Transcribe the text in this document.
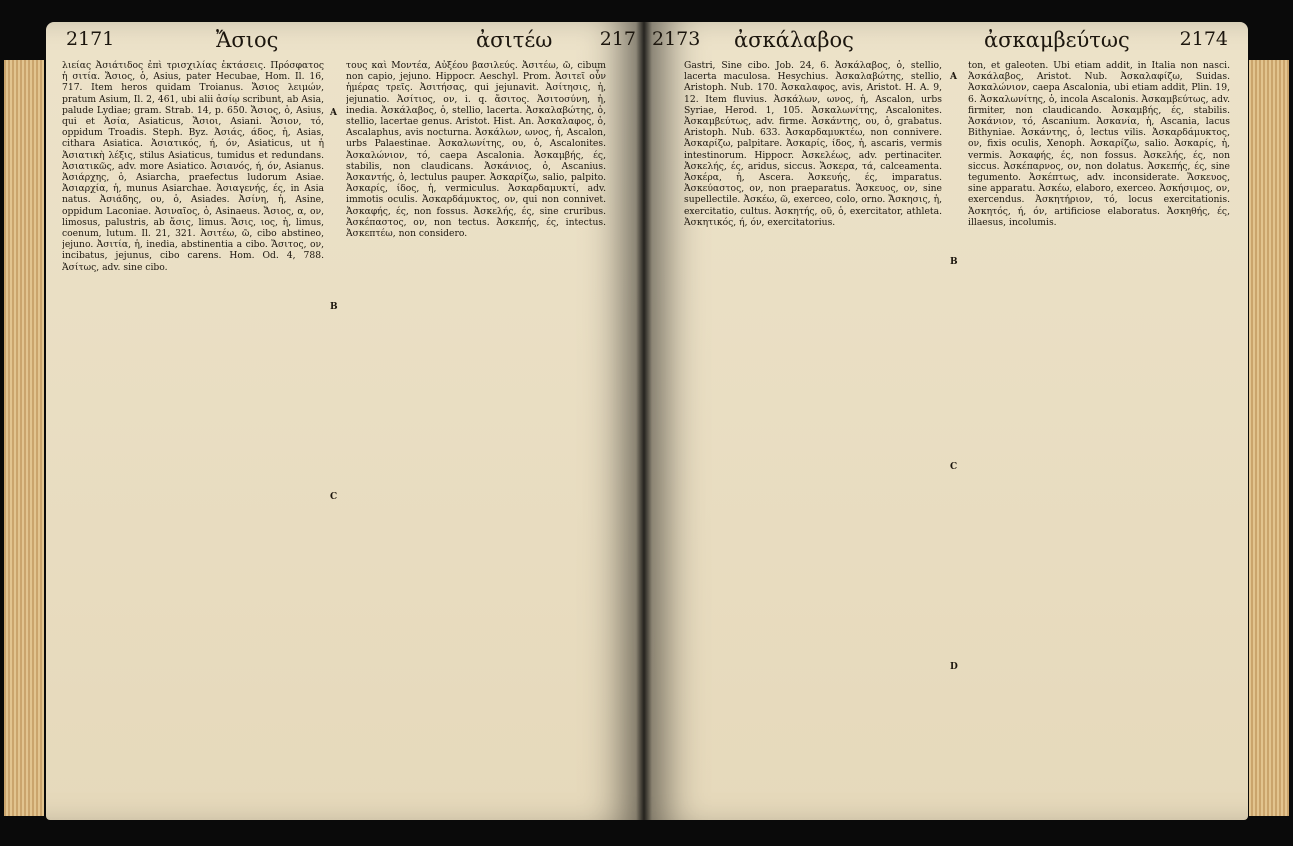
2171	Ἄσιος	ἀσιτέω 217

λιείας Ἀσιάτιδος ἐπὶ τρισχιλίας ἐκτάσεις. Πρόσφατος ἡ σιτία. Ἄσιος, ὁ, Asius, pater Hecubae, Hom. Il. 16, 717. Item heros quidam Troianus. Ἄσιος λειμών, pratum Asium, Il. 2, 461, ubi alii ἀσίῳ scribunt, ab Asia, palude Lydiae; gram. Strab. 14, p. 650. Ἄσιος, ὁ, Asius, qui et Ἀσία, Asiaticus, Ἄσιοι, Asiani. Ἄσιον, τό, oppidum Troadis. Steph. Byz. Ἀσιάς, άδος, ἡ, Asias, cithara Asiatica. Ἀσιατικός, ή, όν, Asiaticus, ut ἡ Ἀσιατικὴ λέξις, stilus Asiaticus, tumidus et redundans. Ἀσιατικῶς, adv. more Asiatico. Ἀσιανός, ή, όν, Asianus. Ἀσιάρχης, ὁ, Asiarcha, praefectus ludorum Asiae. Ἀσιαρχία, ἡ, munus Asiarchae. Ἀσιαγενής, ές, in Asia natus. Ἀσιάδης, ου, ὁ, Asiades. Ἀσίνη, ἡ, Asine, oppidum Laconiae. Ἀσιναῖος, ὁ, Asinaeus. Ἄσιος, α, ον, limosus, palustris, ab ἄσις, limus. Ἄσις, ιος, ἡ, limus, coenum, lutum. Il. 21, 321. Ἀσιτέω, ῶ, cibo abstineo, jejuno. Ἀσιτία, ἡ, inedia, abstinentia a cibo. Ἄσιτος, ον, incibatus, jejunus, cibo carens. Hom. Od. 4, 788. Ἀσίτως, adv. sine cibo.

A
B
C

τους καὶ Μοντέα, Αὐξέου βασιλεύς. Ἀσιτέω, ῶ, cibum non capio, jejuno. Hippocr. Aeschyl. Prom. Ἀσιτεῖ οὖν ἡμέρας τρεῖς. Ἀσιτήσας, qui jejunavit. Ἀσίτησις, ἡ, jejunatio. Ἀσίτιος, ον, i. q. ἄσιτος. Ἀσιτοσύνη, ἡ, inedia. Ἀσκάλαβος, ὁ, stellio, lacerta. Ἀσκαλαβώτης, ὁ, stellio, lacertae genus. Aristot. Hist. An. Ἀσκαλαφος, ὁ, Ascalaphus, avis nocturna. Ἀσκάλων, ωνος, ἡ, Ascalon, urbs Palaestinae. Ἀσκαλωνίτης, ου, ὁ, Ascalonites. Ἀσκαλώνιον, τό, caepa Ascalonia. Ἀσκαμβής, ές, stabilis, non claudicans. Ἀσκάνιος, ὁ, Ascanius. Ἀσκαντής, ὁ, lectulus pauper. Ἀσκαρίζω, salio, palpito. Ἀσκαρίς, ίδος, ἡ, vermiculus. Ἀσκαρδαμυκτί, adv. immotis oculis. Ἀσκαρδάμυκτος, ον, qui non connivet. Ἀσκαφής, ές, non fossus. Ἀσκελής, ές, sine cruribus. Ἀσκέπαστος, ον, non tectus. Ἀσκεπής, ές, intectus. Ἀσκεπτέω, non considero.

2173 ἀσκάλαβος	ἀσκαμβεύτως	2174

Gastri, Sine cibo. Job. 24, 6. Ἀσκάλαβος, ὁ, stellio, lacerta maculosa. Hesychius. Ἀσκαλαβώτης, stellio, Aristoph. Nub. 170. Ἀσκαλαφος, avis, Aristot. H. A. 9, 12. Item fluvius. Ἀσκάλων, ωνος, ἡ, Ascalon, urbs Syriae, Herod. 1, 105. Ἀσκαλωνίτης, Ascalonites. Ἀσκαμβεύτως, adv. firme. Ἀσκάντης, ου, ὁ, grabatus. Aristoph. Nub. 633. Ἀσκαρδαμυκτέω, non connivere. Ἀσκαρίζω, palpitare. Ἀσκαρίς, ίδος, ἡ, ascaris, vermis intestinorum. Hippocr. Ἀσκελέως, adv. pertinaciter. Ἀσκελής, ές, aridus, siccus. Ἄσκερα, τά, calceamenta. Ἀσκέρα, ἡ, Ascera. Ἀσκευής, ές, imparatus. Ἀσκεύαστος, ον, non praeparatus. Ἄσκευος, ον, sine supellectile. Ἀσκέω, ῶ, exerceo, colo, orno. Ἄσκησις, ἡ, exercitatio, cultus. Ἀσκητής, οῦ, ὁ, exercitator, athleta. Ἀσκητικός, ή, όν, exercitatorius.

A
B
C
D

ton, et galeoten. Ubi etiam addit, in Italia non nasci. Ἀσκάλαβος, Aristot. Nub. Ἀσκαλαφίζω, Suidas. Ἀσκαλώνιον, caepa Ascalonia, ubi etiam addit, Plin. 19, 6. Ἀσκαλωνίτης, ὁ, incola Ascalonis. Ἀσκαμβεύτως, adv. firmiter, non claudicando. Ἀσκαμβής, ές, stabilis. Ἀσκάνιον, τό, Ascanium. Ἀσκανία, ἡ, Ascania, lacus Bithyniae. Ἀσκάντης, ὁ, lectus vilis. Ἀσκαρδάμυκτος, ον, fixis oculis, Xenoph. Ἀσκαρίζω, salio. Ἀσκαρίς, ἡ, vermis. Ἀσκαφής, ές, non fossus. Ἀσκελής, ές, non siccus. Ἀσκέπαρνος, ον, non dolatus. Ἀσκεπής, ές, sine tegumento. Ἀσκέπτως, adv. inconsiderate. Ἄσκευος, sine apparatu. Ἀσκέω, elaboro, exerceo. Ἀσκήσιμος, ον, exercendus. Ἀσκητήριον, τό, locus exercitationis. Ἀσκητός, ή, όν, artificiose elaboratus. Ἀσκηθής, ές, illaesus, incolumis.
